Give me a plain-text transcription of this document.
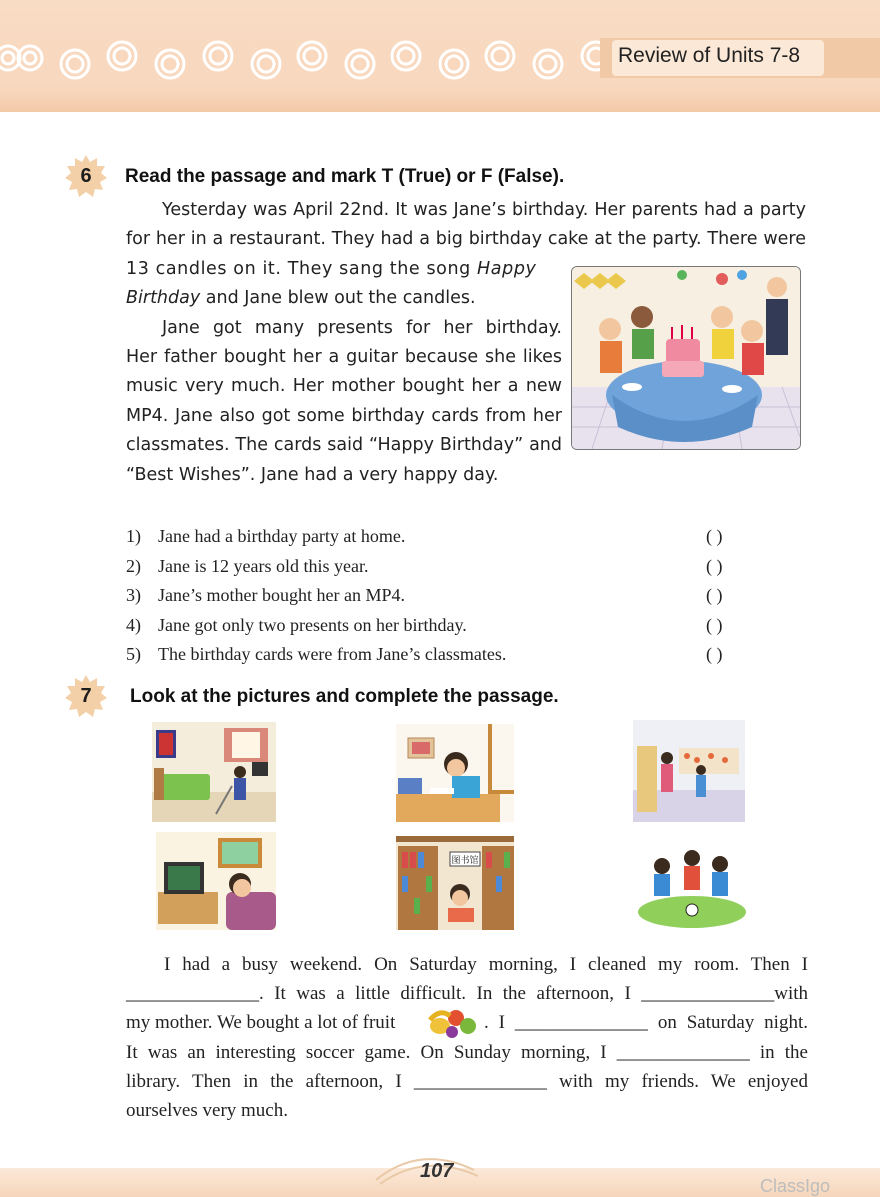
Review of Units 7-8
6 Read the passage and mark T (True) or F (False).
Yesterday was April 22nd. It was Jane’s birthday. Her parents had a party
for her in a restaurant. They had a big birthday cake at the party. There were
13 candles on it. They sang the song Happy
Birthday and Jane blew out the candles.
Jane got many presents for her birthday.
Her father bought her a guitar because she likes
music very much. Her mother bought her a new
MP4. Jane also got some birthday cards from her
classmates. The cards said “Happy Birthday” and
“Best Wishes”. Jane had a very happy day.
1) Jane had a birthday party at home.	( )
2) Jane is 12 years old this year.	( )
3) Jane’s mother bought her an MP4.	( )
4) Jane got only two presents on her birthday.	( )
5) The birthday cards were from Jane’s classmates.	( )
7 Look at the pictures and complete the passage.
图书馆
I had a busy weekend. On Saturday morning, I cleaned my room. Then I
______________. It was a little difficult. In the afternoon, I ______________with
my mother. We bought a lot of fruit	. I ______________ on Saturday night.
It was an interesting soccer game. On Sunday morning, I ______________ in the
library. Then in the afternoon, I ______________ with my friends. We enjoyed
ourselves very much.
107
ClassIgo
